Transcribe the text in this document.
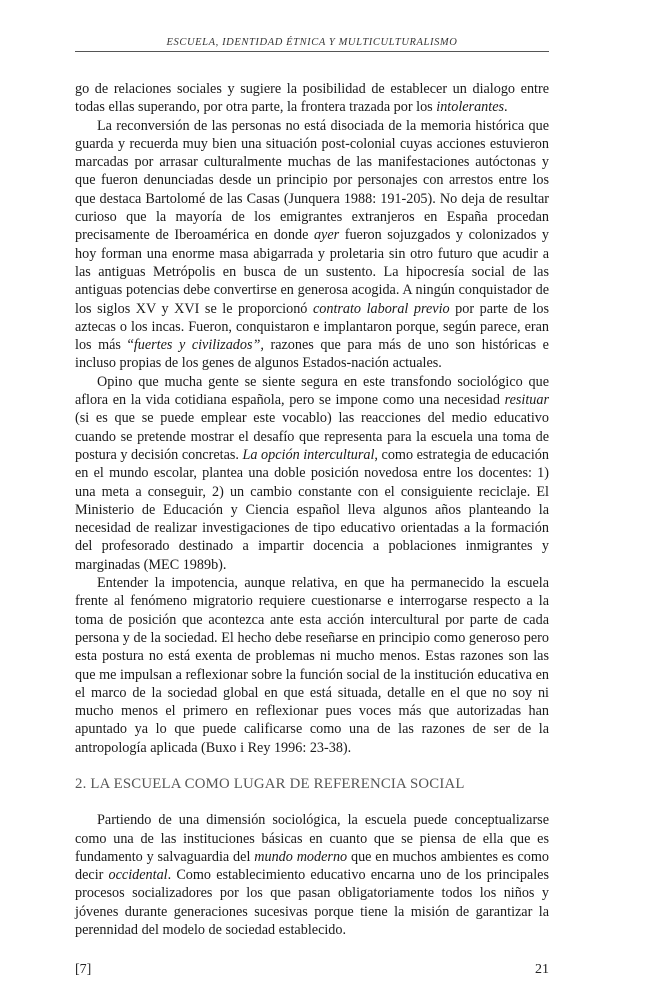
ESCUELA, IDENTIDAD ÉTNICA Y MULTICULTURALISMO

go de relaciones sociales y sugiere la posibilidad de establecer un dialogo entre todas ellas superando, por otra parte, la frontera trazada por los intolerantes.

La reconversión de las personas no está disociada de la memoria histórica que guarda y recuerda muy bien una situación post-colonial cuyas acciones estuvieron marcadas por arrasar culturalmente muchas de las manifestaciones autóctonas y que fueron denunciadas desde un principio por personajes con arrestos entre los que destaca Bartolomé de las Casas (Junquera 1988: 191-205). No deja de resultar curioso que la mayoría de los emigrantes extranjeros en España procedan precisamente de Iberoamérica en donde ayer fueron sojuzgados y colonizados y hoy forman una enorme masa abigarrada y proletaria sin otro futuro que acudir a las antiguas Metrópolis en busca de un sustento. La hipocresía social de las antiguas potencias debe convertirse en generosa acogida. A ningún conquistador de los siglos XV y XVI se le proporcionó contrato laboral previo por parte de los aztecas o los incas. Fueron, conquistaron e implantaron porque, según parece, eran los más “fuertes y civilizados”, razones que para más de uno son históricas e incluso propias de los genes de algunos Estados-nación actuales.

Opino que mucha gente se siente segura en este transfondo sociológico que aflora en la vida cotidiana española, pero se impone como una necesidad resituar (si es que se puede emplear este vocablo) las reacciones del medio educativo cuando se pretende mostrar el desafío que representa para la escuela una toma de postura y decisión concretas. La opción intercultural, como estrategia de educación en el mundo escolar, plantea una doble posición novedosa entre los docentes: 1) una meta a conseguir, 2) un cambio constante con el consiguiente reciclaje. El Ministerio de Educación y Ciencia español lleva algunos años planteando la necesidad de realizar investigaciones de tipo educativo orientadas a la formación del profesorado destinado a impartir docencia a poblaciones inmigrantes y marginadas (MEC 1989b).

Entender la impotencia, aunque relativa, en que ha permanecido la escuela frente al fenómeno migratorio requiere cuestionarse e interrogarse respecto a la toma de posición que acontezca ante esta acción intercultural por parte de cada persona y de la sociedad. El hecho debe reseñarse en principio como generoso pero esta postura no está exenta de problemas ni mucho menos. Estas razones son las que me impulsan a reflexionar sobre la función social de la institución educativa en el marco de la sociedad global en que está situada, detalle en el que no soy ni mucho menos el primero en reflexionar pues voces más que autorizadas han apuntado ya lo que puede calificarse como una de las razones de ser de la antropología aplicada (Buxo i Rey 1996: 23-38).

2. LA ESCUELA COMO LUGAR DE REFERENCIA SOCIAL

Partiendo de una dimensión sociológica, la escuela puede conceptualizarse como una de las instituciones básicas en cuanto que se piensa de ella que es fundamento y salvaguardia del mundo moderno que en muchos ambientes es como decir occidental. Como establecimiento educativo encarna uno de los principales procesos socializadores por los que pasan obligatoriamente todos los niños y jóvenes durante generaciones sucesivas porque tiene la misión de garantizar la perennidad del modelo de sociedad establecido.

[7]	21
